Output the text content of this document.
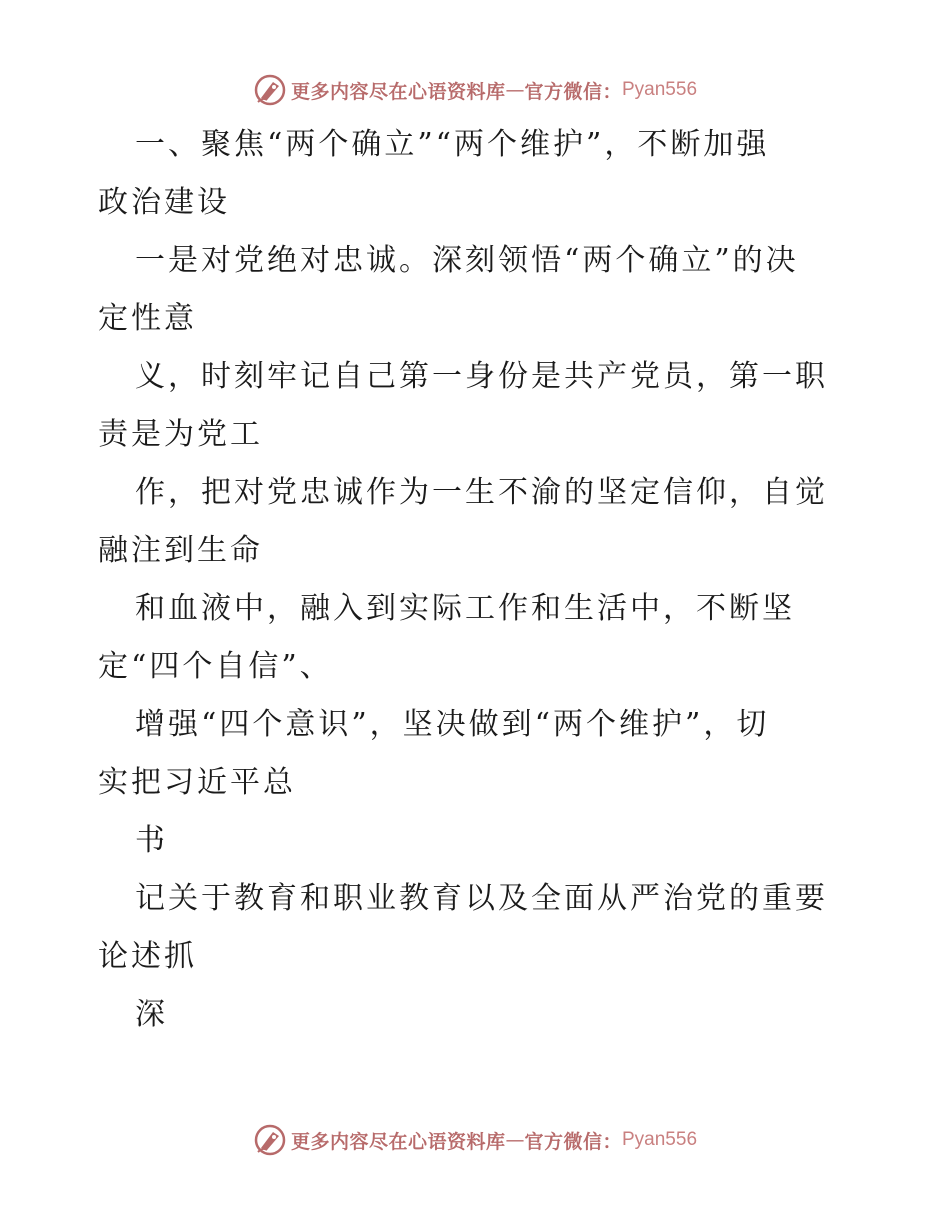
更多内容尽在心语资料库 — 官方微信： Pyan556
一、聚焦“两个确立”“两个维护”，不断加强
政治建设
一是对党绝对忠诚。深刻领悟“两个确立”的决
定性意
义，时刻牢记自己第一身份是共产党员，第一职
责是为党工
作，把对党忠诚作为一生不渝的坚定信仰，自觉
融注到生命
和血液中，融入到实际工作和生活中，不断坚
定“四个自信”、
增强“四个意识”，坚决做到“两个维护”，切
实把习近平总
书
记关于教育和职业教育以及全面从严治党的重要
论述抓
深
更多内容尽在心语资料库 — 官方微信： Pyan556
